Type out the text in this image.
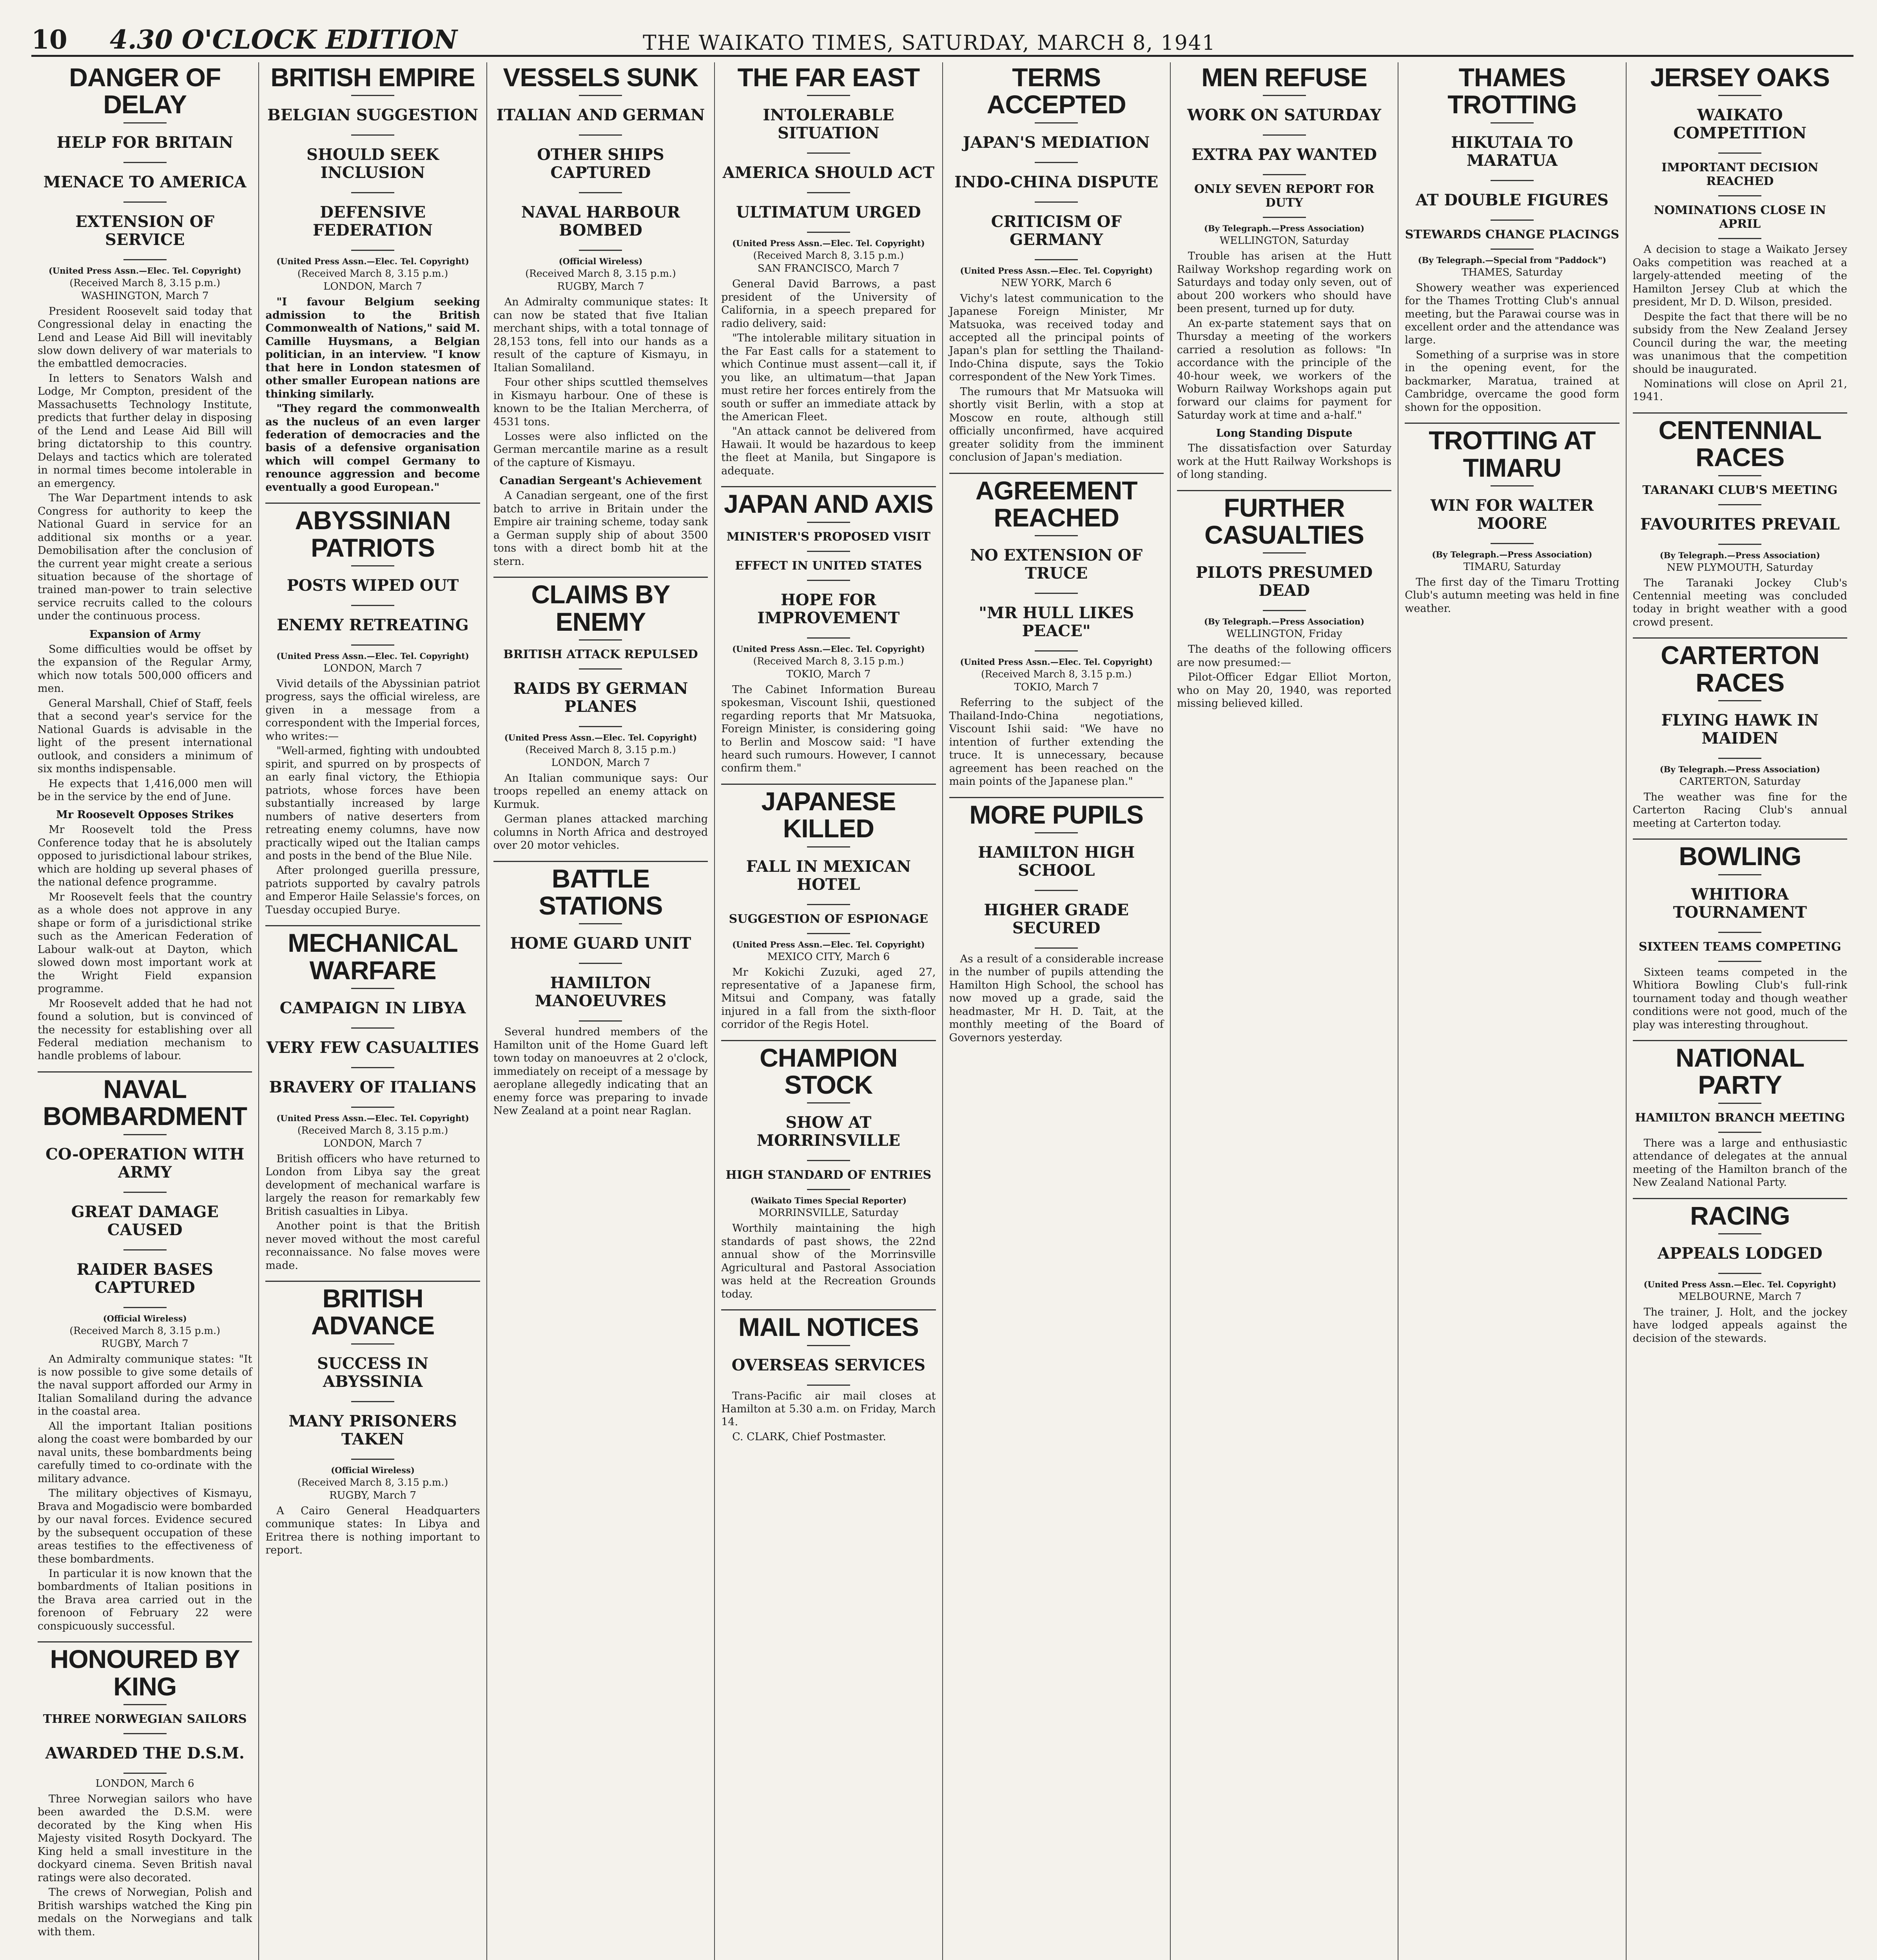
10	4.30 O'CLOCK EDITION	THE WAIKATO TIMES, SATURDAY, MARCH 8, 1941
DANGER OF DELAY
HELP FOR BRITAIN
MENACE TO AMERICA
EXTENSION OF SERVICE
(United Press Assn.—Elec. Tel. Copyright)
(Received March 8, 3.15 p.m.)
WASHINGTON, March 7

President Roosevelt said today that Congressional delay in enacting the Lend and Lease Aid Bill will inevitably slow down delivery of war materials to the embattled democracies.

In letters to Senators Walsh and Lodge, Mr Compton, president of the Massachusetts Technology Institute, predicts that further delay in disposing of the Lend and Lease Aid Bill will bring dictatorship to this country. Delays and tactics which are tolerated in normal times become intolerable in an emergency.

The War Department intends to ask Congress for authority to keep the National Guard in service for an additional six months or a year. Demobilisation after the conclusion of the current year might create a serious situation because of the shortage of trained man-power to train selective service recruits called to the colours under the continuous process.

Expansion of Army

Some difficulties would be offset by the expansion of the Regular Army, which now totals 500,000 officers and men.

General Marshall, Chief of Staff, feels that a second year's service for the National Guards is advisable in the light of the present international outlook, and considers a minimum of six months indispensable.

He expects that 1,416,000 men will be in the service by the end of June.

Mr Roosevelt Opposes Strikes

Mr Roosevelt told the Press Conference today that he is absolutely opposed to jurisdictional labour strikes, which are holding up several phases of the national defence programme.

Mr Roosevelt feels that the country as a whole does not approve in any shape or form of a jurisdictional strike such as the American Federation of Labour walk-out at Dayton, which slowed down most important work at the Wright Field expansion programme.

Mr Roosevelt added that he had not found a solution, but is convinced of the necessity for establishing over all Federal mediation mechanism to handle problems of labour.

NAVAL BOMBARDMENT
CO-OPERATION WITH ARMY
GREAT DAMAGE CAUSED
RAIDER BASES CAPTURED
(Official Wireless)
(Received March 8, 3.15 p.m.)
RUGBY, March 7

An Admiralty communique states: "It is now possible to give some details of the naval support afforded our Army in Italian Somaliland during the advance in the coastal area.

All the important Italian positions along the coast were bombarded by our naval units, these bombardments being carefully timed to co-ordinate with the military advance.

The military objectives of Kismayu, Brava and Mogadiscio were bombarded by our naval forces. Evidence secured by the subsequent occupation of these areas testifies to the effectiveness of these bombardments.

In particular it is now known that the bombardments of Italian positions in the Brava area carried out in the forenoon of February 22 were conspicuously successful.

HONOURED BY KING
THREE NORWEGIAN SAILORS
AWARDED THE D.S.M.
LONDON, March 6

Three Norwegian sailors who have been awarded the D.S.M. were decorated by the King when His Majesty visited Rosyth Dockyard. The King held a small investiture in the dockyard cinema. Seven British naval ratings were also decorated.

The crews of Norwegian, Polish and British warships watched the King pin medals on the Norwegians and talk with them.

BRITISH EMPIRE
BELGIAN SUGGESTION
SHOULD SEEK INCLUSION
DEFENSIVE FEDERATION
(United Press Assn.—Elec. Tel. Copyright)
(Received March 8, 3.15 p.m.)
LONDON, March 7

"I favour Belgium seeking admission to the British Commonwealth of Nations," said M. Camille Huysmans, a Belgian politician, in an interview. "I know that here in London statesmen of other smaller European nations are thinking similarly.

"They regard the commonwealth as the nucleus of an even larger federation of democracies and the basis of a defensive organisation which will compel Germany to renounce aggression and become eventually a good European."

ABYSSINIAN PATRIOTS
POSTS WIPED OUT
ENEMY RETREATING
(United Press Assn.—Elec. Tel. Copyright)
LONDON, March 7

Vivid details of the Abyssinian patriot progress, says the official wireless, are given in a message from a correspondent with the Imperial forces, who writes:—

"Well-armed, fighting with undoubted spirit, and spurred on by prospects of an early final victory, the Ethiopia patriots, whose forces have been substantially increased by large numbers of native deserters from retreating enemy columns, have now practically wiped out the Italian camps and posts in the bend of the Blue Nile.

After prolonged guerilla pressure, patriots supported by cavalry patrols and Emperor Haile Selassie's forces, on Tuesday occupied Burye.

MECHANICAL WARFARE
CAMPAIGN IN LIBYA
VERY FEW CASUALTIES
BRAVERY OF ITALIANS
(United Press Assn.—Elec. Tel. Copyright)
(Received March 8, 3.15 p.m.)
LONDON, March 7

British officers who have returned to London from Libya say the great development of mechanical warfare is largely the reason for remarkably few British casualties in Libya.

Another point is that the British never moved without the most careful reconnaissance. No false moves were made.

BRITISH ADVANCE
SUCCESS IN ABYSSINIA
MANY PRISONERS TAKEN
(Official Wireless)
(Received March 8, 3.15 p.m.)
RUGBY, March 7

A Cairo General Headquarters communique states: In Libya and Eritrea there is nothing important to report.

VESSELS SUNK
ITALIAN AND GERMAN
OTHER SHIPS CAPTURED
NAVAL HARBOUR BOMBED
(Official Wireless)
(Received March 8, 3.15 p.m.)
RUGBY, March 7

An Admiralty communique states: It can now be stated that five Italian merchant ships, with a total tonnage of 28,153 tons, fell into our hands as a result of the capture of Kismayu, in Italian Somaliland.

Four other ships scuttled themselves in Kismayu harbour. One of these is known to be the Italian Mercherra, of 4531 tons.

Losses were also inflicted on the German mercantile marine as a result of the capture of Kismayu.

Canadian Sergeant's Achievement

A Canadian sergeant, one of the first batch to arrive in Britain under the Empire air training scheme, today sank a German supply ship of about 3500 tons with a direct bomb hit at the stern.

CLAIMS BY ENEMY
BRITISH ATTACK REPULSED
RAIDS BY GERMAN PLANES
(United Press Assn.—Elec. Tel. Copyright)
(Received March 8, 3.15 p.m.)
LONDON, March 7

An Italian communique says: Our troops repelled an enemy attack on Kurmuk.

German planes attacked marching columns in North Africa and destroyed over 20 motor vehicles.

BATTLE STATIONS
HOME GUARD UNIT
HAMILTON MANOEUVRES

Several hundred members of the Hamilton unit of the Home Guard left town today on manoeuvres at 2 o'clock, immediately on receipt of a message by aeroplane allegedly indicating that an enemy force was preparing to invade New Zealand at a point near Raglan.

THE FAR EAST
INTOLERABLE SITUATION
AMERICA SHOULD ACT
ULTIMATUM URGED
(United Press Assn.—Elec. Tel. Copyright)
(Received March 8, 3.15 p.m.)
SAN FRANCISCO, March 7

General David Barrows, a past president of the University of California, in a speech prepared for radio delivery, said:

"The intolerable military situation in the Far East calls for a statement to which Continue must assent—call it, if you like, an ultimatum—that Japan must retire her forces entirely from the south or suffer an immediate attack by the American Fleet.

"An attack cannot be delivered from Hawaii. It would be hazardous to keep the fleet at Manila, but Singapore is adequate.

JAPAN AND AXIS
MINISTER'S PROPOSED VISIT
EFFECT IN UNITED STATES
HOPE FOR IMPROVEMENT
(United Press Assn.—Elec. Tel. Copyright)
(Received March 8, 3.15 p.m.)
TOKIO, March 7

The Cabinet Information Bureau spokesman, Viscount Ishii, questioned regarding reports that Mr Matsuoka, Foreign Minister, is considering going to Berlin and Moscow said: "I have heard such rumours. However, I cannot confirm them."

JAPANESE KILLED
FALL IN MEXICAN HOTEL
SUGGESTION OF ESPIONAGE
(United Press Assn.—Elec. Tel. Copyright)
MEXICO CITY, March 6

Mr Kokichi Zuzuki, aged 27, representative of a Japanese firm, Mitsui and Company, was fatally injured in a fall from the sixth-floor corridor of the Regis Hotel.

CHAMPION STOCK
SHOW AT MORRINSVILLE
HIGH STANDARD OF ENTRIES
(Waikato Times Special Reporter)
MORRINSVILLE, Saturday

Worthily maintaining the high standards of past shows, the 22nd annual show of the Morrinsville Agricultural and Pastoral Association was held at the Recreation Grounds today.

MAIL NOTICES
OVERSEAS SERVICES

Trans-Pacific air mail closes at Hamilton at 5.30 a.m. on Friday, March 14.

C. CLARK, Chief Postmaster.

TERMS ACCEPTED
JAPAN'S MEDIATION
INDO-CHINA DISPUTE
CRITICISM OF GERMANY
(United Press Assn.—Elec. Tel. Copyright)
NEW YORK, March 6

Vichy's latest communication to the Japanese Foreign Minister, Mr Matsuoka, was received today and accepted all the principal points of Japan's plan for settling the Thailand-Indo-China dispute, says the Tokio correspondent of the New York Times.

The rumours that Mr Matsuoka will shortly visit Berlin, with a stop at Moscow en route, although still officially unconfirmed, have acquired greater solidity from the imminent conclusion of Japan's mediation.

AGREEMENT REACHED
NO EXTENSION OF TRUCE
"MR HULL LIKES PEACE"
(United Press Assn.—Elec. Tel. Copyright)
(Received March 8, 3.15 p.m.)
TOKIO, March 7

Referring to the subject of the Thailand-Indo-China negotiations, Viscount Ishii said: "We have no intention of further extending the truce. It is unnecessary, because agreement has been reached on the main points of the Japanese plan."

MORE PUPILS
HAMILTON HIGH SCHOOL
HIGHER GRADE SECURED

As a result of a considerable increase in the number of pupils attending the Hamilton High School, the school has now moved up a grade, said the headmaster, Mr H. D. Tait, at the monthly meeting of the Board of Governors yesterday.

MEN REFUSE
WORK ON SATURDAY
EXTRA PAY WANTED
ONLY SEVEN REPORT FOR DUTY
(By Telegraph.—Press Association)
WELLINGTON, Saturday

Trouble has arisen at the Hutt Railway Workshop regarding work on Saturdays and today only seven, out of about 200 workers who should have been present, turned up for duty.

An ex-parte statement says that on Thursday a meeting of the workers carried a resolution as follows: "In accordance with the principle of the 40-hour week, we workers of the Woburn Railway Workshops again put forward our claims for payment for Saturday work at time and a-half."

Long Standing Dispute

The dissatisfaction over Saturday work at the Hutt Railway Workshops is of long standing.

FURTHER CASUALTIES
PILOTS PRESUMED DEAD
(By Telegraph.—Press Association)
WELLINGTON, Friday

The deaths of the following officers are now presumed:—

Pilot-Officer Edgar Elliot Morton, who on May 20, 1940, was reported missing believed killed.

THAMES TROTTING
HIKUTAIA TO MARATUA
AT DOUBLE FIGURES
STEWARDS CHANGE PLACINGS
(By Telegraph.—Special from "Paddock")
THAMES, Saturday

Showery weather was experienced for the Thames Trotting Club's annual meeting, but the Parawai course was in excellent order and the attendance was large.

Something of a surprise was in store in the opening event, for the backmarker, Maratua, trained at Cambridge, overcame the good form shown for the opposition.

TROTTING AT TIMARU
WIN FOR WALTER MOORE
(By Telegraph.—Press Association)
TIMARU, Saturday

The first day of the Timaru Trotting Club's autumn meeting was held in fine weather.

JERSEY OAKS
WAIKATO COMPETITION
IMPORTANT DECISION REACHED
NOMINATIONS CLOSE IN APRIL

A decision to stage a Waikato Jersey Oaks competition was reached at a largely-attended meeting of the Hamilton Jersey Club at which the president, Mr D. D. Wilson, presided.

Despite the fact that there will be no subsidy from the New Zealand Jersey Council during the war, the meeting was unanimous that the competition should be inaugurated.

Nominations will close on April 21, 1941.

CENTENNIAL RACES
TARANAKI CLUB'S MEETING
FAVOURITES PREVAIL
(By Telegraph.—Press Association)
NEW PLYMOUTH, Saturday

The Taranaki Jockey Club's Centennial meeting was concluded today in bright weather with a good crowd present.

CARTERTON RACES
FLYING HAWK IN MAIDEN
(By Telegraph.—Press Association)
CARTERTON, Saturday

The weather was fine for the Carterton Racing Club's annual meeting at Carterton today.

BOWLING
WHITIORA TOURNAMENT
SIXTEEN TEAMS COMPETING

Sixteen teams competed in the Whitiora Bowling Club's full-rink tournament today and though weather conditions were not good, much of the play was interesting throughout.

NATIONAL PARTY
HAMILTON BRANCH MEETING

There was a large and enthusiastic attendance of delegates at the annual meeting of the Hamilton branch of the New Zealand National Party.

RACING
APPEALS LODGED
(United Press Assn.—Elec. Tel. Copyright)
MELBOURNE, March 7

The trainer, J. Holt, and the jockey have lodged appeals against the decision of the stewards.
